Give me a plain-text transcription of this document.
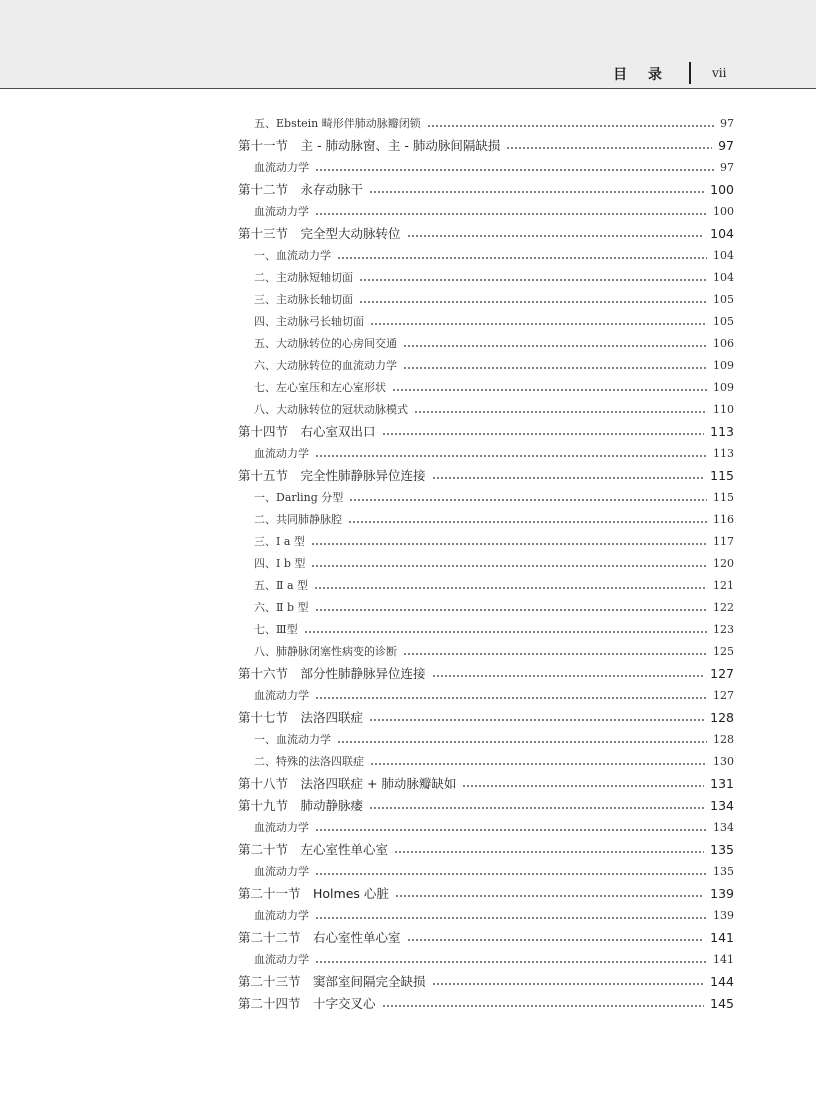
目 录	vii
五、Ebstein 畸形伴肺动脉瓣闭锁	97
第十一节　主 - 肺动脉窗、主 - 肺动脉间隔缺损	97
血流动力学	97
第十二节　永存动脉干	100
血流动力学	100
第十三节　完全型大动脉转位	104
一、血流动力学	104
二、主动脉短轴切面	104
三、主动脉长轴切面	105
四、主动脉弓长轴切面	105
五、大动脉转位的心房间交通	106
六、大动脉转位的血流动力学	109
七、左心室压和左心室形状	109
八、大动脉转位的冠状动脉模式	110
第十四节　右心室双出口	113
血流动力学	113
第十五节　完全性肺静脉异位连接	115
一、Darling 分型	115
二、共同肺静脉腔	116
三、Ⅰ a 型	117
四、Ⅰ b 型	120
五、Ⅱ a 型	121
六、Ⅱ b 型	122
七、Ⅲ型	123
八、肺静脉闭塞性病变的诊断	125
第十六节　部分性肺静脉异位连接	127
血流动力学	127
第十七节　法洛四联症	128
一、血流动力学	128
二、特殊的法洛四联症	130
第十八节　法洛四联症 + 肺动脉瓣缺如	131
第十九节　肺动静脉瘘	134
血流动力学	134
第二十节　左心室性单心室	135
血流动力学	135
第二十一节　Holmes 心脏	139
血流动力学	139
第二十二节　右心室性单心室	141
血流动力学	141
第二十三节　窦部室间隔完全缺损	144
第二十四节　十字交叉心	145
